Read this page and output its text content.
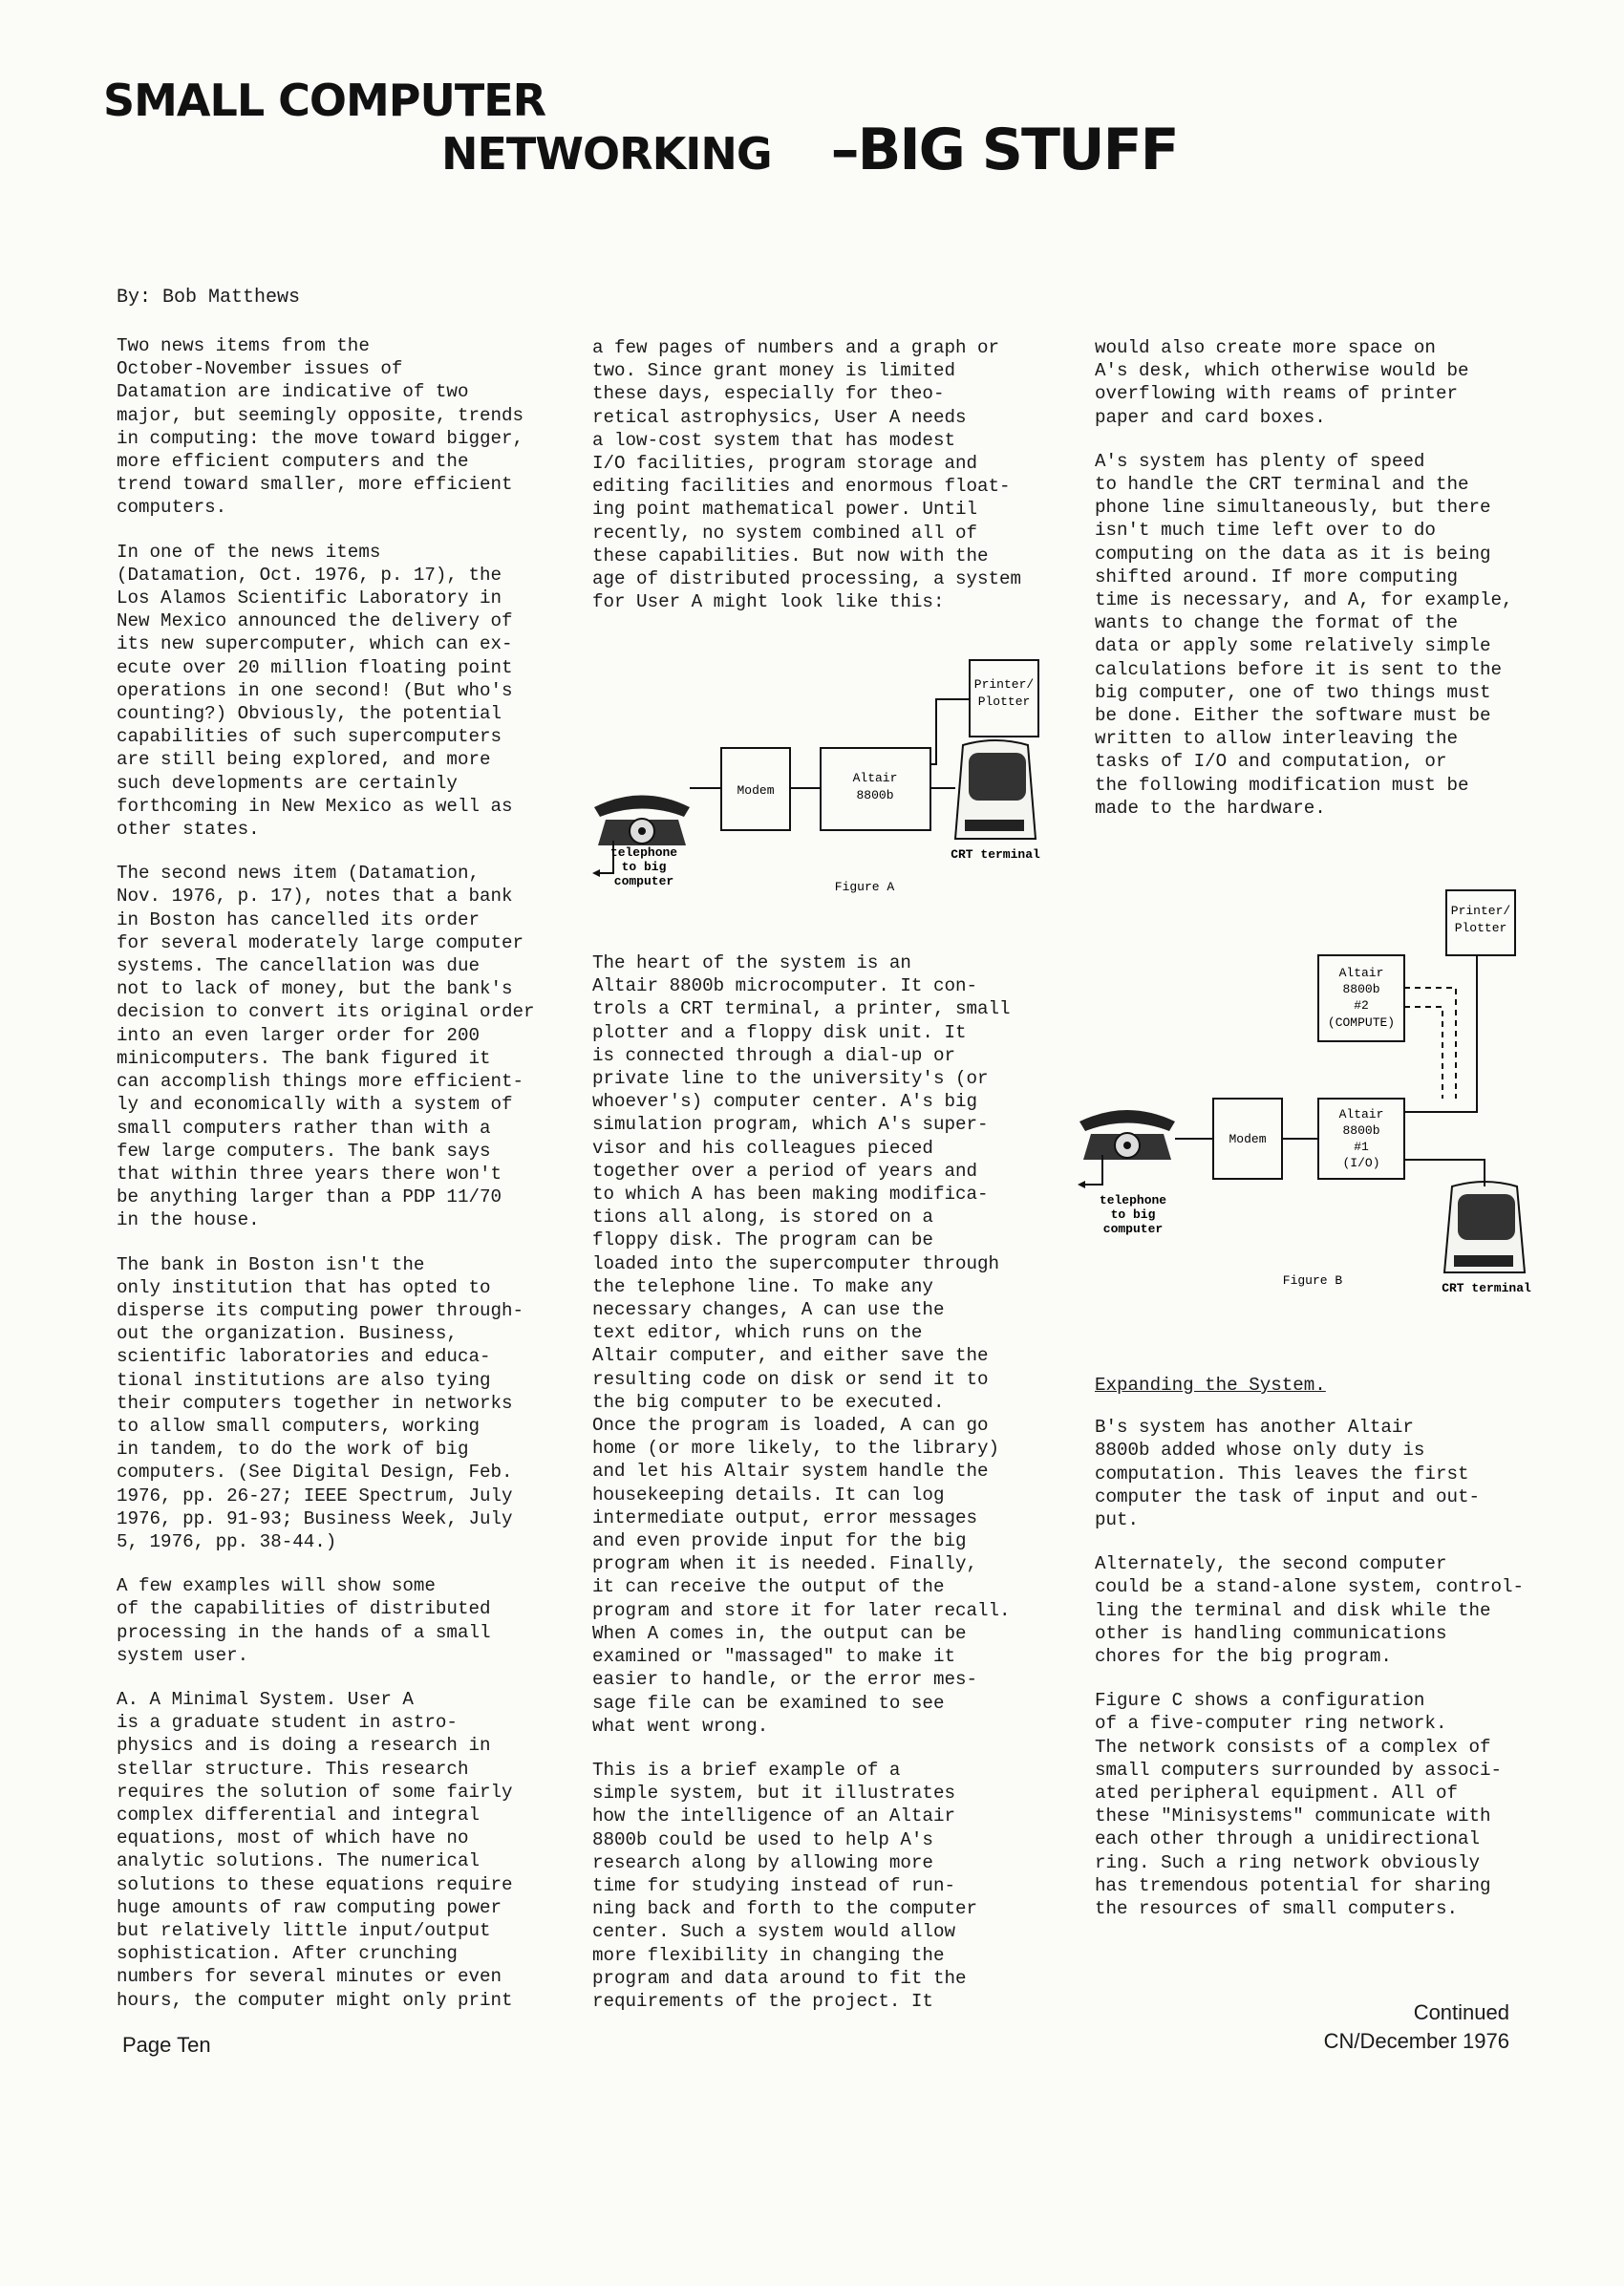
SMALL COMPUTER
NETWORKING –BIG STUFF
By: Bob Matthews

Two news items from the
October-November issues of
Datamation are indicative of two
major, but seemingly opposite, trends
in computing: the move toward bigger,
more efficient computers and the
trend toward smaller, more efficient
computers.

In one of the news items
(Datamation, Oct. 1976, p. 17), the
Los Alamos Scientific Laboratory in
New Mexico announced the delivery of
its new supercomputer, which can ex-
ecute over 20 million floating point
operations in one second! (But who's
counting?) Obviously, the potential
capabilities of such supercomputers
are still being explored, and more
such developments are certainly
forthcoming in New Mexico as well as
other states.

The second news item (Datamation,
Nov. 1976, p. 17), notes that a bank
in Boston has cancelled its order
for several moderately large computer
systems. The cancellation was due
not to lack of money, but the bank's
decision to convert its original order
into an even larger order for 200
minicomputers. The bank figured it
can accomplish things more efficient-
ly and economically with a system of
small computers rather than with a
few large computers. The bank says
that within three years there won't
be anything larger than a PDP 11/70
in the house.

The bank in Boston isn't the
only institution that has opted to
disperse its computing power through-
out the organization. Business,
scientific laboratories and educa-
tional institutions are also tying
their computers together in networks
to allow small computers, working
in tandem, to do the work of big
computers. (See Digital Design, Feb.
1976, pp. 26-27; IEEE Spectrum, July
1976, pp. 91-93; Business Week, July
5, 1976, pp. 38-44.)

A few examples will show some
of the capabilities of distributed
processing in the hands of a small
system user.

A. A Minimal System. User A
is a graduate student in astro-
physics and is doing a research in
stellar structure. This research
requires the solution of some fairly
complex differential and integral
equations, most of which have no
analytic solutions. The numerical
solutions to these equations require
huge amounts of raw computing power
but relatively little input/output
sophistication. After crunching
numbers for several minutes or even
hours, the computer might only print

a few pages of numbers and a graph or
two. Since grant money is limited
these days, especially for theo-
retical astrophysics, User A needs
a low-cost system that has modest
I/O facilities, program storage and
editing facilities and enormous float-
ing point mathematical power. Until
recently, no system combined all of
these capabilities. But now with the
age of distributed processing, a system
for User A might look like this:

Modem
Altair
8800b
Printer/
Plotter
telephone
to big
computer
CRT terminal
Figure A

The heart of the system is an
Altair 8800b microcomputer. It con-
trols a CRT terminal, a printer, small
plotter and a floppy disk unit. It
is connected through a dial-up or
private line to the university's (or
whoever's) computer center. A's big
simulation program, which A's super-
visor and his colleagues pieced
together over a period of years and
to which A has been making modifica-
tions all along, is stored on a
floppy disk. The program can be
loaded into the supercomputer through
the telephone line. To make any
necessary changes, A can use the
text editor, which runs on the
Altair computer, and either save the
resulting code on disk or send it to
the big computer to be executed.
Once the program is loaded, A can go
home (or more likely, to the library)
and let his Altair system handle the
housekeeping details. It can log
intermediate output, error messages
and even provide input for the big
program when it is needed. Finally,
it can receive the output of the
program and store it for later recall.
When A comes in, the output can be
examined or "massaged" to make it
easier to handle, or the error mes-
sage file can be examined to see
what went wrong.

This is a brief example of a
simple system, but it illustrates
how the intelligence of an Altair
8800b could be used to help A's
research along by allowing more
time for studying instead of run-
ning back and forth to the computer
center. Such a system would allow
more flexibility in changing the
program and data around to fit the
requirements of the project. It

would also create more space on
A's desk, which otherwise would be
overflowing with reams of printer
paper and card boxes.

A's system has plenty of speed
to handle the CRT terminal and the
phone line simultaneously, but there
isn't much time left over to do
computing on the data as it is being
shifted around. If more computing
time is necessary, and A, for example,
wants to change the format of the
data or apply some relatively simple
calculations before it is sent to the
big computer, one of two things must
be done. Either the software must be
written to allow interleaving the
tasks of I/O and computation, or
the following modification must be
made to the hardware.

Printer/
Plotter
Altair
8800b
#2
(COMPUTE)
Altair
8800b
#1
(I/O)
Modem
telephone
to big
computer
Figure B
CRT terminal
Expanding the System.

B's system has another Altair
8800b added whose only duty is
computation. This leaves the first
computer the task of input and out-
put.

Alternately, the second computer
could be a stand-alone system, control-
ling the terminal and disk while the
other is handling communications
chores for the big program.

Figure C shows a configuration
of a five-computer ring network.
The network consists of a complex of
small computers surrounded by associ-
ated peripheral equipment. All of
these "Minisystems" communicate with
each other through a unidirectional
ring. Such a ring network obviously
has tremendous potential for sharing
the resources of small computers.

Page Ten
Continued
CN/December 1976
